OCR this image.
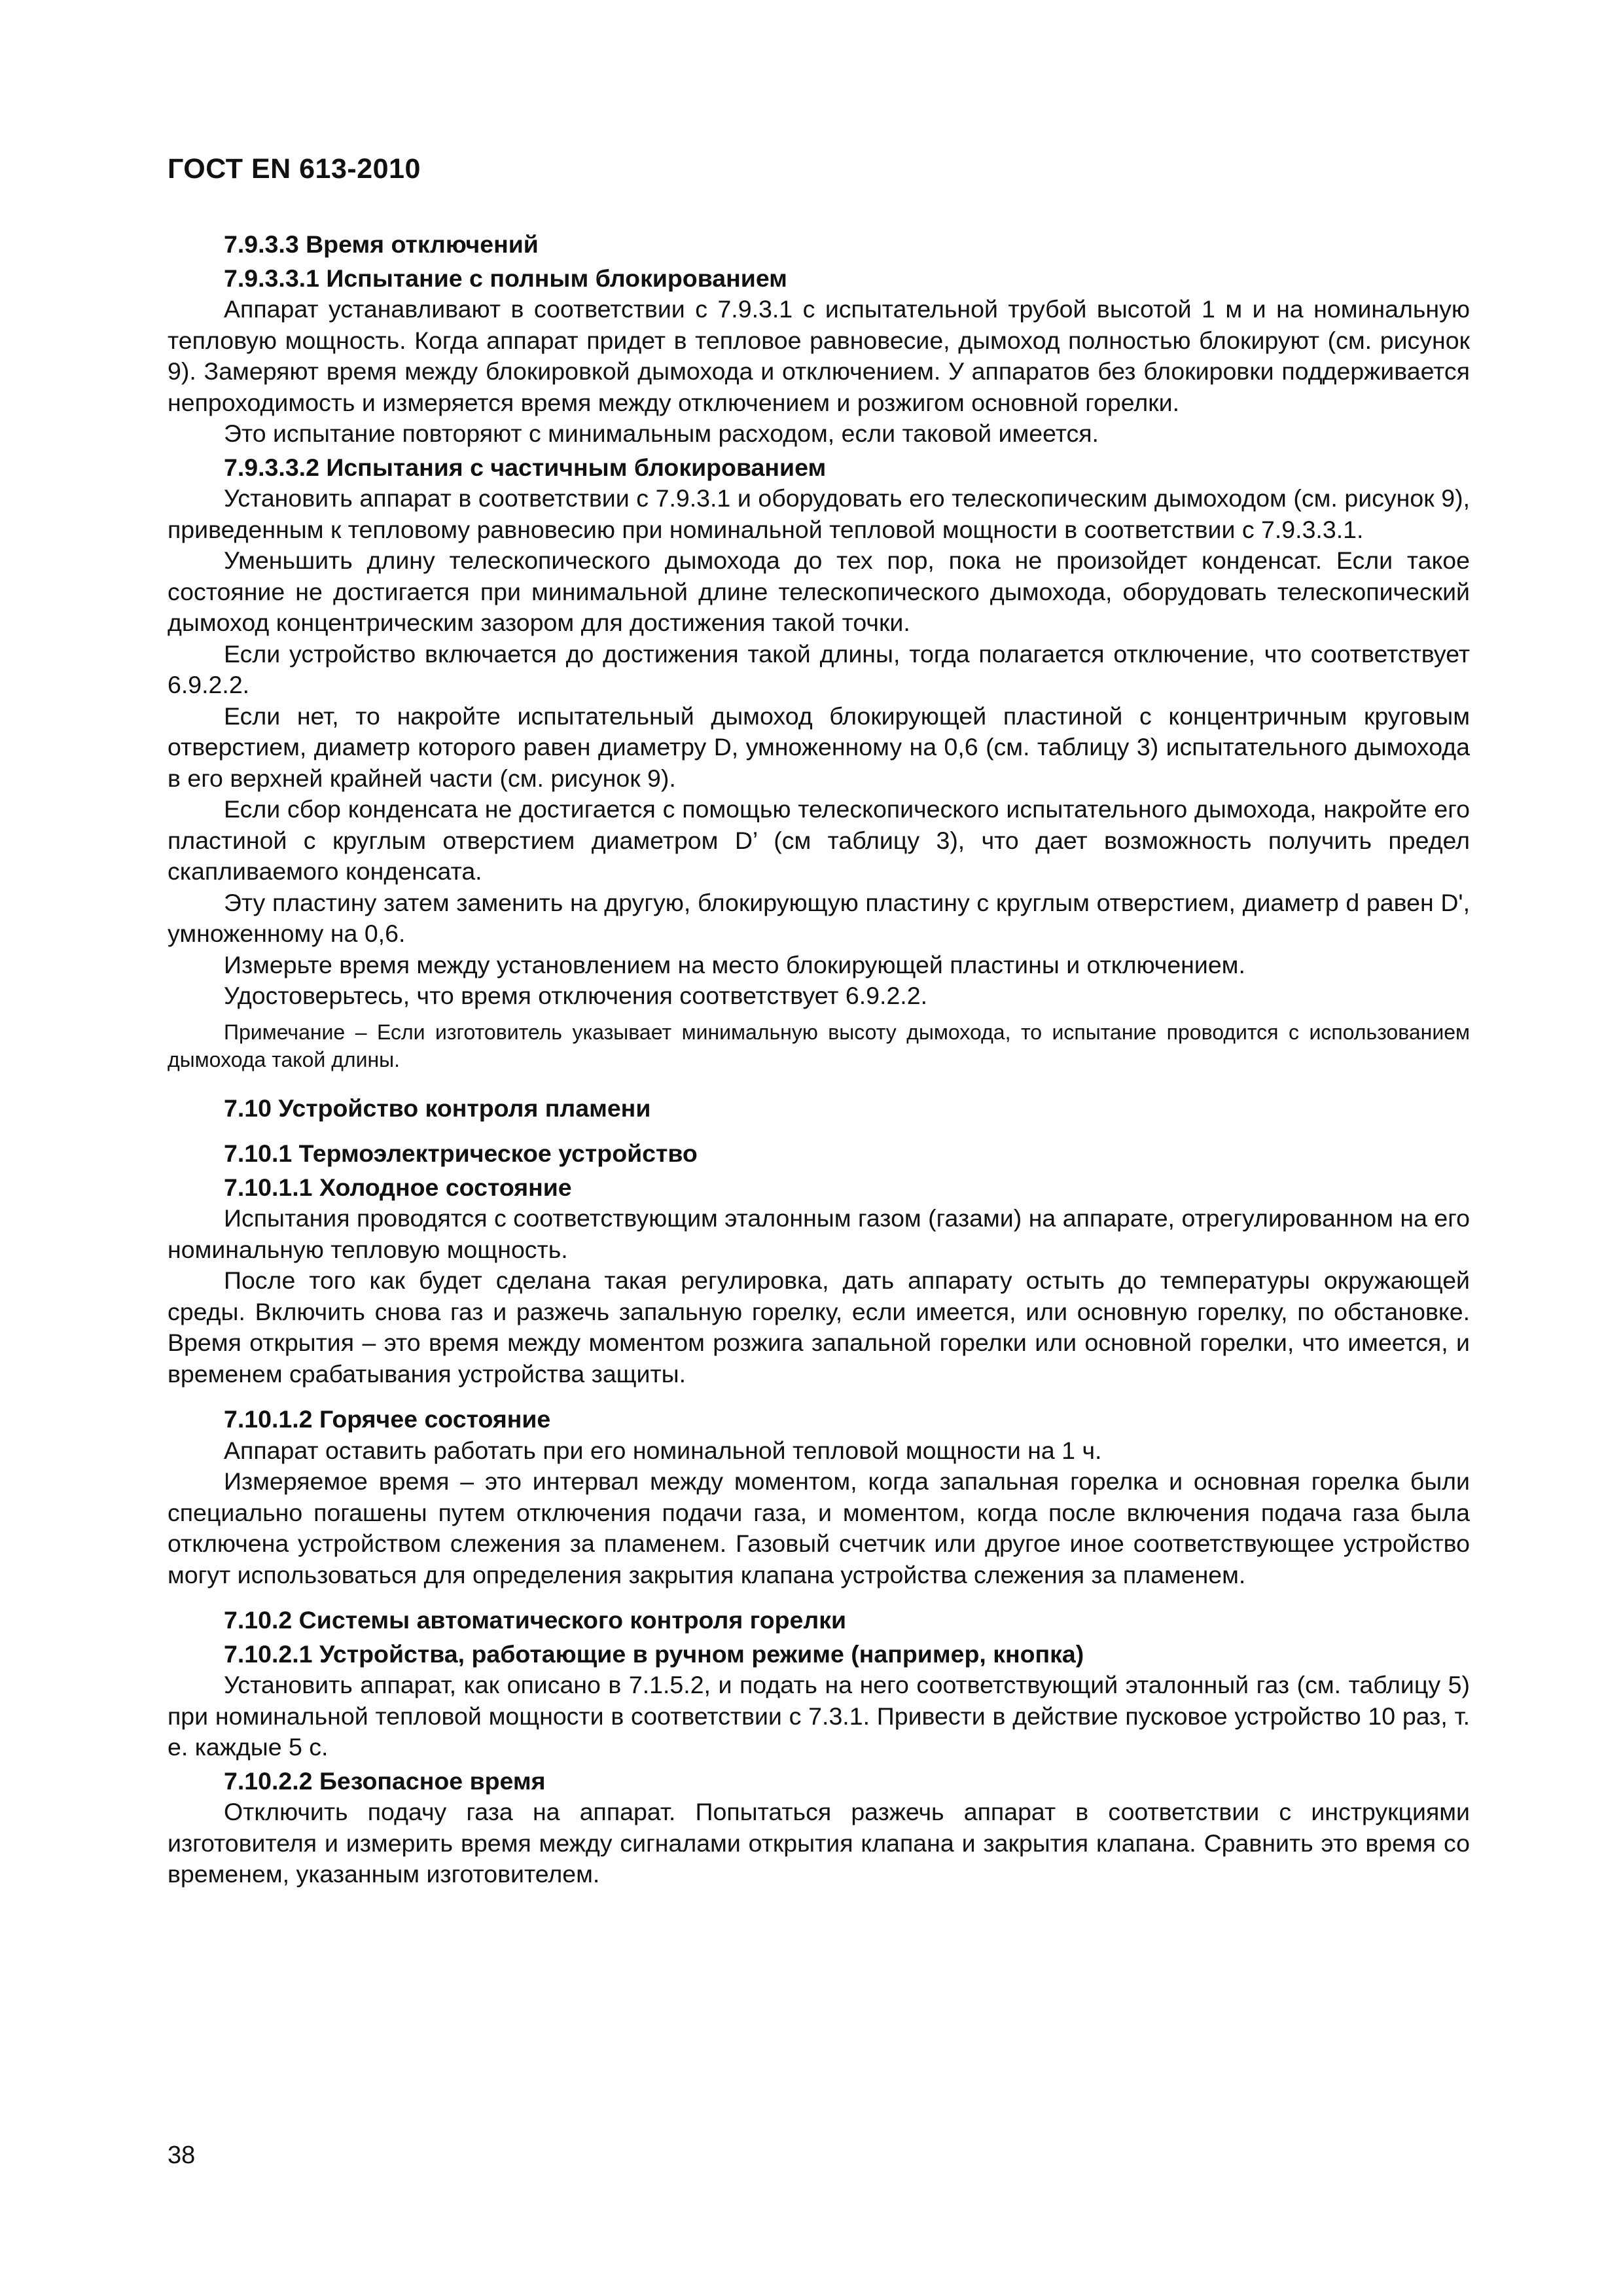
ГОСТ EN 613-2010
7.9.3.3 Время отключений
7.9.3.3.1 Испытание с полным блокированием
Аппарат устанавливают в соответствии с 7.9.3.1 с испытательной трубой высотой 1 м и на номинальную тепловую мощность. Когда аппарат придет в тепловое равновесие, дымоход полностью блокируют (см. рисунок 9). Замеряют время между блокировкой дымохода и отключением. У аппаратов без блокировки поддерживается непроходимость и измеряется время между отключением и розжигом основной горелки.
Это испытание повторяют с минимальным расходом, если таковой имеется.
7.9.3.3.2 Испытания с частичным блокированием
Установить аппарат в соответствии с 7.9.3.1 и оборудовать его телескопическим дымоходом (см. рисунок 9), приведенным к тепловому равновесию при номинальной тепловой мощности в соответствии с 7.9.3.3.1.
Уменьшить длину телескопического дымохода до тех пор, пока не произойдет конденсат. Если такое состояние не достигается при минимальной длине телескопического дымохода, оборудовать телескопический дымоход концентрическим зазором для достижения такой точки.
Если устройство включается до достижения такой длины, тогда полагается отключение, что соответствует 6.9.2.2.
Если нет, то накройте испытательный дымоход блокирующей пластиной с концентричным круговым отверстием, диаметр которого равен диаметру D, умноженному на 0,6 (см. таблицу 3) испытательного дымохода в его верхней крайней части (см. рисунок 9).
Если сбор конденсата не достигается с помощью телескопического испытательного дымохода, накройте его пластиной с круглым отверстием диаметром D’ (см таблицу 3), что дает возможность получить предел скапливаемого конденсата.
Эту пластину затем заменить на другую, блокирующую пластину с круглым отверстием, диаметр d равен D', умноженному на 0,6.
Измерьте время между установлением на место блокирующей пластины и отключением.
Удостоверьтесь, что время отключения соответствует 6.9.2.2.
Примечание – Если изготовитель указывает минимальную высоту дымохода, то испытание проводится с использованием дымохода такой длины.
7.10 Устройство контроля пламени
7.10.1 Термоэлектрическое устройство
7.10.1.1 Холодное состояние
Испытания проводятся с соответствующим эталонным газом (газами) на аппарате, отрегулированном на его номинальную тепловую мощность.
После того как будет сделана такая регулировка, дать аппарату остыть до температуры окружающей среды. Включить снова газ и разжечь запальную горелку, если имеется, или основную горелку, по обстановке. Время открытия – это время между моментом розжига запальной горелки или основной горелки, что имеется, и временем срабатывания устройства защиты.
7.10.1.2 Горячее состояние
Аппарат оставить работать при его номинальной тепловой мощности на 1 ч.
Измеряемое время – это интервал между моментом, когда запальная горелка и основная горелка были специально погашены путем отключения подачи газа, и моментом, когда после включения подача газа была отключена устройством слежения за пламенем. Газовый счетчик или другое иное соответствующее устройство могут использоваться для определения закрытия клапана устройства слежения за пламенем.
7.10.2 Системы автоматического контроля горелки
7.10.2.1 Устройства, работающие в ручном режиме (например, кнопка)
Установить аппарат, как описано в 7.1.5.2, и подать на него соответствующий эталонный газ (см. таблицу 5) при номинальной тепловой мощности в соответствии с 7.3.1. Привести в действие пусковое устройство 10 раз, т. е. каждые 5 с.
7.10.2.2 Безопасное время
Отключить подачу газа на аппарат. Попытаться разжечь аппарат в соответствии с инструкциями изготовителя и измерить время между сигналами открытия клапана и закрытия клапана. Сравнить это время со временем, указанным изготовителем.
38
